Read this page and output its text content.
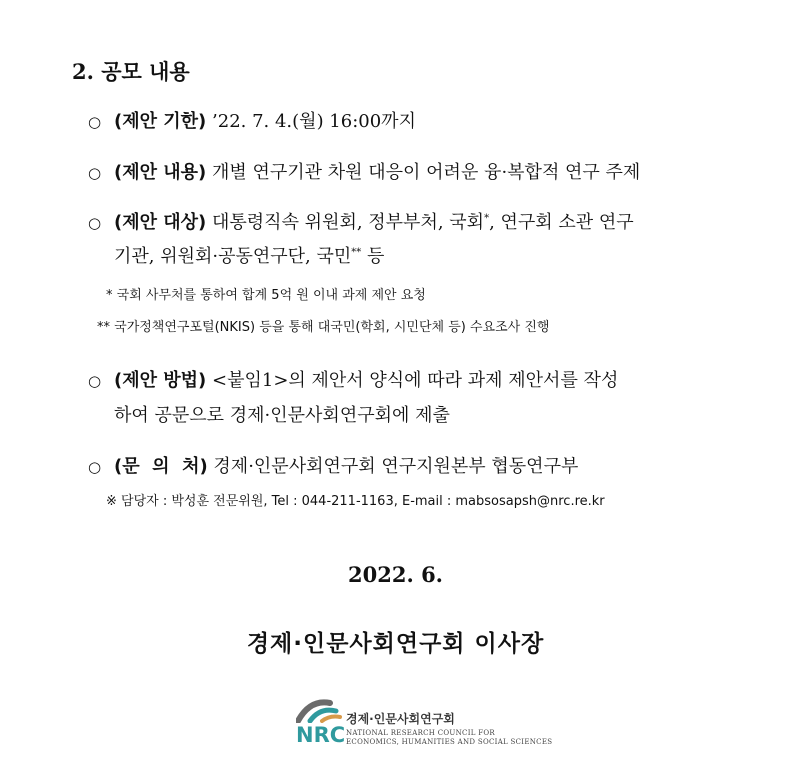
2. 공모 내용
○ (제안 기한) ’22. 7. 4.(월) 16:00까지
○ (제안 내용) 개별 연구기관 차원 대응이 어려운 융·복합적 연구 주제
○ (제안 대상) 대통령직속 위원회, 정부부처, 국회*, 연구회 소관 연구
기관, 위원회·공동연구단, 국민** 등
* 국회 사무처를 통하여 합계 5억 원 이내 과제 제안 요청
** 국가정책연구포털(NKIS) 등을 통해 대국민(학회, 시민단체 등) 수요조사 진행
○ (제안 방법) <붙임1>의 제안서 양식에 따라 과제 제안서를 작성
하여 공문으로 경제·인문사회연구회에 제출
○ (문  의  처) 경제·인문사회연구회 연구지원본부 협동연구부
※ 담당자 : 박성훈 전문위원, Tel : 044-211-1163, E-mail : mabsosapsh@nrc.re.kr
2022. 6.
경제·인문사회연구회 이사장
NRC
경제·인문사회연구회
NATIONAL RESEARCH COUNCIL FOR
ECONOMICS, HUMANITIES AND SOCIAL SCIENCES
